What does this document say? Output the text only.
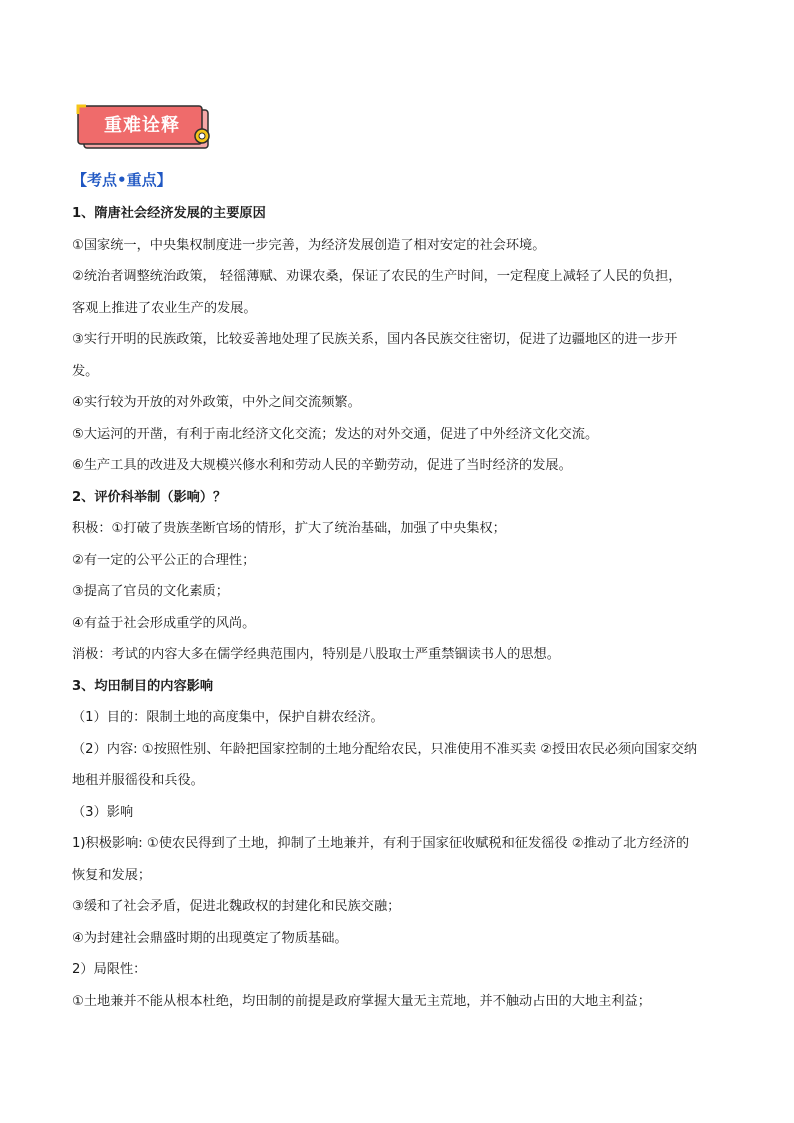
重难诠释
【考点•重点】
1、隋唐社会经济发展的主要原因
①国家统一，中央集权制度进一步完善，为经济发展创造了相对安定的社会环境。
②统治者调整统治政策， 轻徭薄赋、劝课农桑，保证了农民的生产时间，一定程度上减轻了人民的负担，
客观上推进了农业生产的发展。
③实行开明的民族政策，比较妥善地处理了民族关系，国内各民族交往密切，促进了边疆地区的进一步开
发。
④实行较为开放的对外政策，中外之间交流频繁。
⑤大运河的开凿，有利于南北经济文化交流；发达的对外交通，促进了中外经济文化交流。
⑥生产工具的改进及大规模兴修水利和劳动人民的辛勤劳动，促进了当时经济的发展。
2、评价科举制（影响）？
积极：①打破了贵族垄断官场的情形，扩大了统治基础，加强了中央集权；
②有一定的公平公正的合理性；
③提高了官员的文化素质；
④有益于社会形成重学的风尚。
消极：考试的内容大多在儒学经典范围内，特别是八股取士严重禁锢读书人的思想。
3、均田制目的内容影响
（1）目的：限制土地的高度集中，保护自耕农经济。
（2）内容: ①按照性别、年龄把国家控制的土地分配给农民，只准使用不准买卖 ②授田农民必须向国家交纳
地租并服徭役和兵役。
（3）影响
1)积极影响: ①使农民得到了土地，抑制了土地兼并，有利于国家征收赋税和征发徭役 ②推动了北方经济的
恢复和发展；
③缓和了社会矛盾，促进北魏政权的封建化和民族交融；
④为封建社会鼎盛时期的出现奠定了物质基础。
2）局限性：
①土地兼并不能从根本杜绝，均田制的前提是政府掌握大量无主荒地，并不触动占田的大地主利益；
